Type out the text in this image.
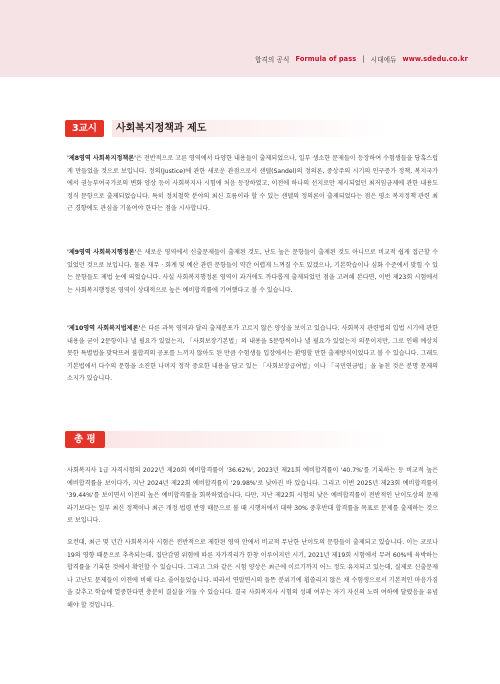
합격의 공식 Formula of pass | 시대에듀 www.sdedu.co.kr
3교시	사회복지정책과 제도

'제8영역 사회복지정책론'은 전반적으로 고른 영역에서 다양한 내용들이 출제되었으나, 일부 생소한 문제들이 등장하여 수험생들을 당혹스럽게 만들었을 것으로 보입니다. 정의(Justice)에 관한 새로운 관점으로서 샌델(Sandel)의 정의론, 중상주의 시기의 인구증가 정책, 복지국가에서 권능부여국가로의 변화 양상 등이 사회복지사 시험에 처음 등장하였고, 이전에 하나의 선지로만 제시되었던 최저임금제에 관한 내용도 정식 문항으로 출제되었습니다. 특히 정치철학 분야의 최신 흐름이라 할 수 있는 샌델의 정의론이 출제되었다는 점은 평소 복지정책 관련 최근 경향에도 관심을 기울여야 한다는 점을 시사합니다.

'제9영역 사회복지행정론'은 새로운 영역에서 신출문제들이 출제된 것도, 난도 높은 문항들이 출제된 것도 아니므로 비교적 쉽게 접근할 수 있었던 것으로 보입니다. 물론 재무 · 회계 및 예산 관련 문항들이 약간 어렵게 느껴질 수도 있겠으나, 기본학습이나 심화 수준에서 맞힐 수 있는 문항들도 제법 눈에 띄었습니다. 사실 사회복지행정론 영역이 과거에도 까다롭게 출제되었던 점을 고려해 본다면, 이번 제23회 시험에서는 사회복지행정론 영역이 상대적으로 높은 예비합격률에 기여했다고 볼 수 있습니다.

'제10영역 사회복지법제론'은 다른 과목 영역과 달리 출제분포가 고르지 않은 양상을 보이고 있습니다. 사회복지 관련법의 입법 시기에 관한 내용을 굳이 2문항이나 낼 필요가 있었는지, 「사회보장기본법」의 내용을 5문항씩이나 낼 필요가 있었는지 의문이지만, 그로 인해 예상치 못한 특별법을 맞닥뜨려 불합격의 공포를 느끼지 않아도 된 만큼 수험생들 입장에서는 환영할 만한 출제방식이었다고 볼 수 있습니다. 그래도 기본법에서 다수의 문항을 소진한 나머지 정작 중요한 내용을 담고 있는 「사회보장급여법」이나 「국민연금법」을 놓친 것은 분명 문제의 소지가 있습니다.

총 평

사회복지사 1급 자격시험의 2022년 제20회 예비합격률이 '36.62%', 2023년 제21회 예비합격률이 '40.7%'를 기록하는 등 비교적 높은 예비합격률을 보이다가, 지난 2024년 제22회 예비합격률이 '29.98%'로 낮아진 바 있습니다. 그리고 이번 2025년 제23회 예비합격률이 '39.44%'를 보이면서 이전의 높은 예비합격률을 회복하였습니다. 다만, 지난 제22회 시험의 낮은 예비합격률이 전반적인 난이도상의 문제라기보다는 일부 최신 정책이나 최근 개정 법령 반영 때문으로 볼 때 시행처에서 대략 30% 중후반대 합격률을 목표로 문제를 출제하는 것으로 보입니다.

요컨대, 최근 몇 년간 사회복지사 시험은 전반적으로 제한된 영역 안에서 비교적 무난한 난이도의 문항들이 출제되고 있습니다. 이는 코로나19의 영향 때문으로 추측되는데, 집단감염 위험에 따른 자가격리가 한창 이루어지던 시기, 2021년 제19회 시험에서 무려 60%에 육박하는 합격률을 기록한 것에서 확인할 수 있습니다. 그리고 그와 같은 시험 양상은 최근에 이르기까지 어느 정도 유지되고 있는데, 실제로 신출문제나 고난도 문제들이 이전에 비해 다소 줄어들었습니다. 따라서 연말연시의 들뜬 분위기에 휩쓸리지 않은 채 수험생으로서 기본적인 마음가짐을 갖추고 학습에 열중한다면 충분히 결실을 거둘 수 있습니다. 결국 사회복지사 시험의 성패 여부는 자기 자신의 노력 여하에 달렸음을 유념해야 할 것입니다.
